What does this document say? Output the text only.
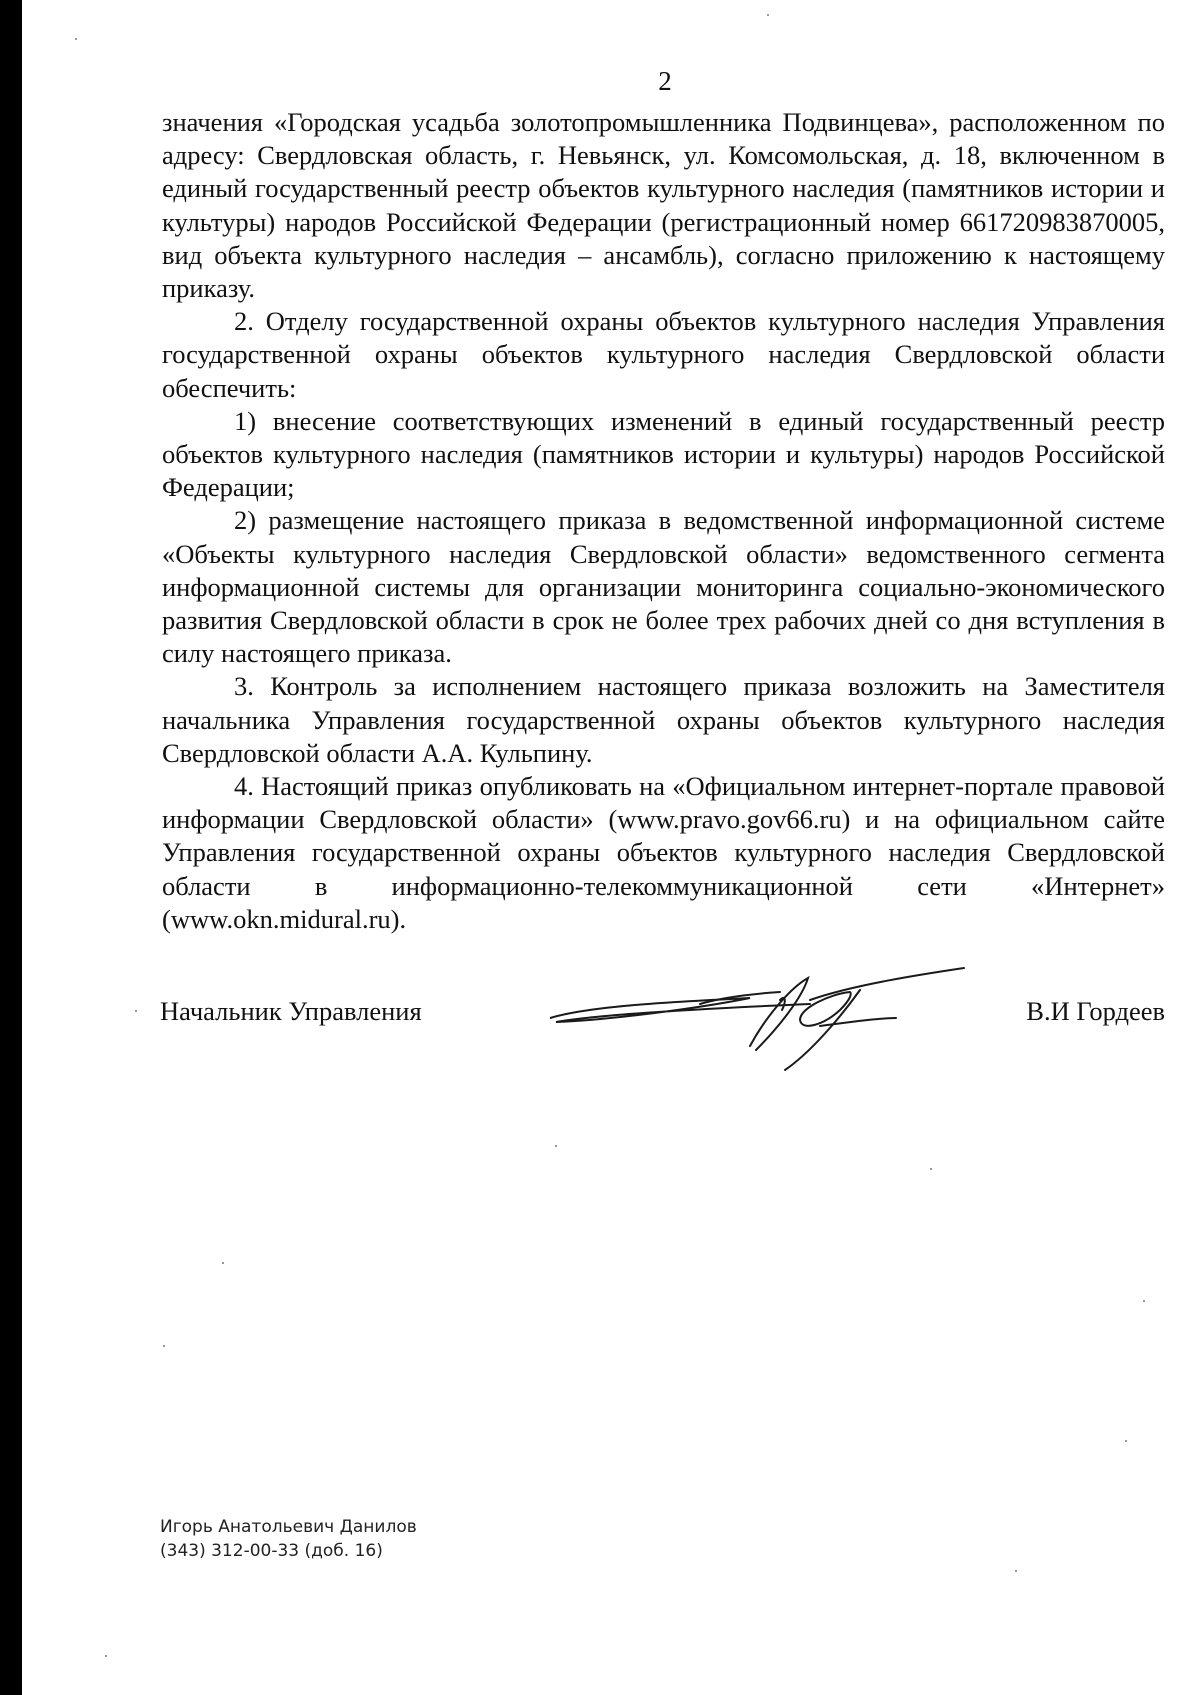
2

значения «Городская усадьба золотопромышленника Подвинцева», расположенном по адресу: Свердловская область, г. Невьянск, ул. Комсомольская, д. 18, включенном в единый государственный реестр объектов культурного наследия (памятников истории и культуры) народов Российской Федерации (регистрационный номер 661720983870005, вид объекта культурного наследия – ансамбль), согласно приложению к настоящему приказу.

2. Отделу государственной охраны объектов культурного наследия Управления государственной охраны объектов культурного наследия Свердловской области обеспечить:

1) внесение соответствующих изменений в единый государственный реестр объектов культурного наследия (памятников истории и культуры) народов Российской Федерации;

2) размещение настоящего приказа в ведомственной информационной системе «Объекты культурного наследия Свердловской области» ведомственного сегмента информационной системы для организации мониторинга социально-экономического развития Свердловской области в срок не более трех рабочих дней со дня вступления в силу настоящего приказа.

3. Контроль за исполнением настоящего приказа возложить на Заместителя начальника Управления государственной охраны объектов культурного наследия Свердловской области А.А. Кульпину.

4. Настоящий приказ опубликовать на «Официальном интернет-портале правовой информации Свердловской области» (www.pravo.gov66.ru) и на официальном сайте Управления государственной охраны объектов культурного наследия Свердловской области в информационно-телекоммуникационной сети «Интернет» (www.okn.midural.ru).

Начальник Управления	В.И Гордеев
Игорь Анатольевич Данилов
(343) 312-00-33 (доб. 16)
